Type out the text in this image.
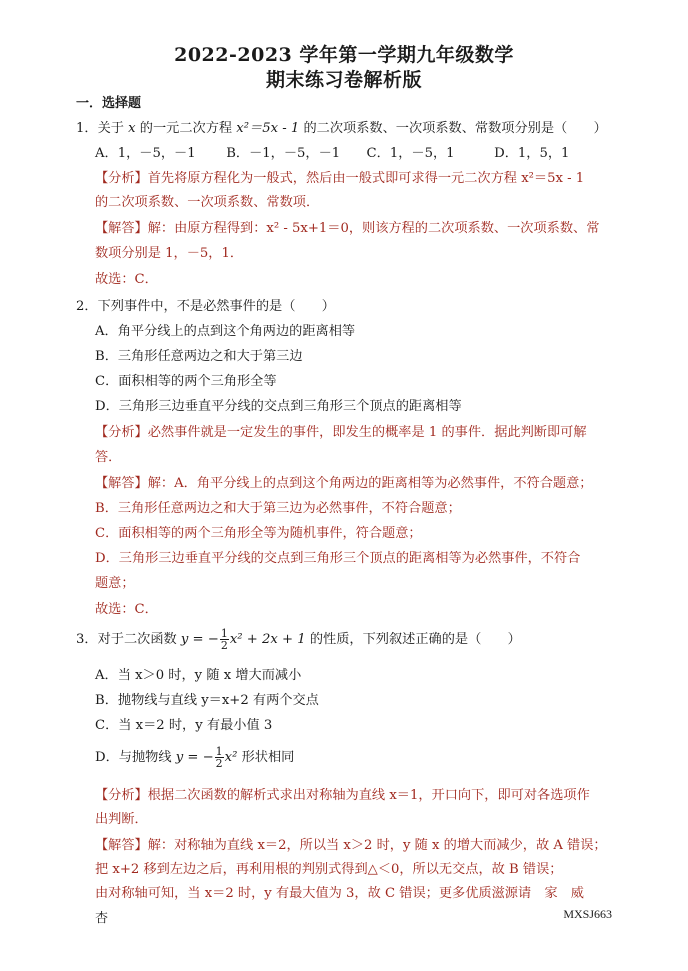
2022-2023 学年第一学期九年级数学
期末练习卷解析版
一．选择题
1．关于 x 的一元二次方程 x²＝5x - 1 的二次项系数、一次项系数、常数项分别是（　　）
A．1，－5，－1　　 B．－1，－5，－1　　C．1，－5，1　　　D．1，5，1
【分析】首先将原方程化为一般式，然后由一般式即可求得一元二次方程 x²＝5x - 1
的二次项系数、一次项系数、常数项．
【解答】解：由原方程得到：x² - 5x+1＝0，则该方程的二次项系数、一次项系数、常
数项分别是 1，－5，1．
故选：C．
2．下列事件中，不是必然事件的是（　　）
A．角平分线上的点到这个角两边的距离相等
B．三角形任意两边之和大于第三边
C．面积相等的两个三角形全等
D．三角形三边垂直平分线的交点到三角形三个顶点的距离相等
【分析】必然事件就是一定发生的事件，即发生的概率是 1 的事件．据此判断即可解
答．
【解答】解：A．角平分线上的点到这个角两边的距离相等为必然事件，不符合题意；
B．三角形任意两边之和大于第三边为必然事件，不符合题意；
C．面积相等的两个三角形全等为随机事件，符合题意；
D．三角形三边垂直平分线的交点到三角形三个顶点的距离相等为必然事件，不符合
题意；
故选：C．
3．对于二次函数 y = − $\frac{1}{2} x^2 + 2x + 1$ 的性质，下列叙述正确的是（　　）
A．当 x＞0 时，y 随 x 增大而减小
B．抛物线与直线 y＝x+2 有两个交点
C．当 x＝2 时，y 有最小值 3
D．与抛物线 y = − $\frac{1}{2} x^2$ 形状相同
【分析】根据二次函数的解析式求出对称轴为直线 x＝1，开口向下，即可对各选项作
出判断．
【解答】解：对称轴为直线 x＝2，所以当 x＞2 时，y 随 x 的增大而减少，故 A 错误；
把 x+2 移到左边之后，再利用根的判别式得到△＜0，所以无交点，故 B 错误；
由对称轴可知，当 x＝2 时，y 有最大值为 3，故 C 错误；更多优质滋源请　家　威
杏	MXSJ663
